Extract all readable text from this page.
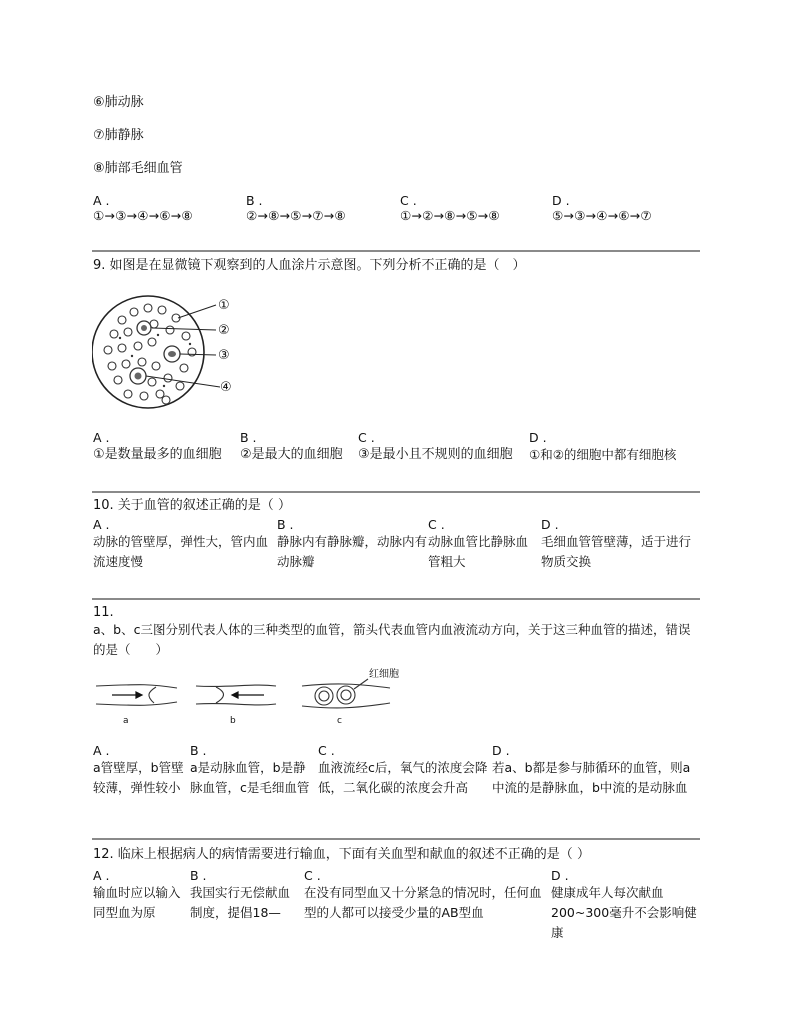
⑥肺动脉
⑦肺静脉
⑧肺部毛细血管
A .
①→③→④→⑥→⑧
B .
②→⑧→⑤→⑦→⑧
C .
①→②→⑧→⑤→⑧
D .
⑤→③→④→⑥→⑦
9. 如图是在显微镜下观察到的人血涂片示意图。下列分析不正确的是（　）
①
②
③
④
A .
①是数量最多的血细胞
B .
②是最大的血细胞
C .
③是最小且不规则的血细胞
D .
①和②的细胞中都有细胞核
10. 关于血管的叙述正确的是（ ）
A .
动脉的管壁厚，弹性大，管内血流速度慢
B .
静脉内有静脉瓣，动脉内有动脉瓣
C .
动脉血管比静脉血管粗大
D .
毛细血管管壁薄，适于进行物质交换
11.
a、b、c三图分别代表人体的三种类型的血管，箭头代表血管内血液流动方向，关于这三种血管的描述，错误的是（　　）
红细胞
a	b	c
A .
a管壁厚，b管壁较薄，弹性较小
B .
a是动脉血管，b是静脉血管，c是毛细血管
C .
血液流经c后，氧气的浓度会降低，二氧化碳的浓度会升高
D .
若a、b都是参与肺循环的血管，则a中流的是静脉血，b中流的是动脉血
12. 临床上根据病人的病情需要进行输血，下面有关血型和献血的叙述不正确的是（ ）
A .
输血时应以输入同型血为原
B .
我国实行无偿献血制度，提倡18—
C .
在没有同型血又十分紧急的情况时，任何血型的人都可以接受少量的AB型血
D .
健康成年人每次献血200~300毫升不会影响健康
